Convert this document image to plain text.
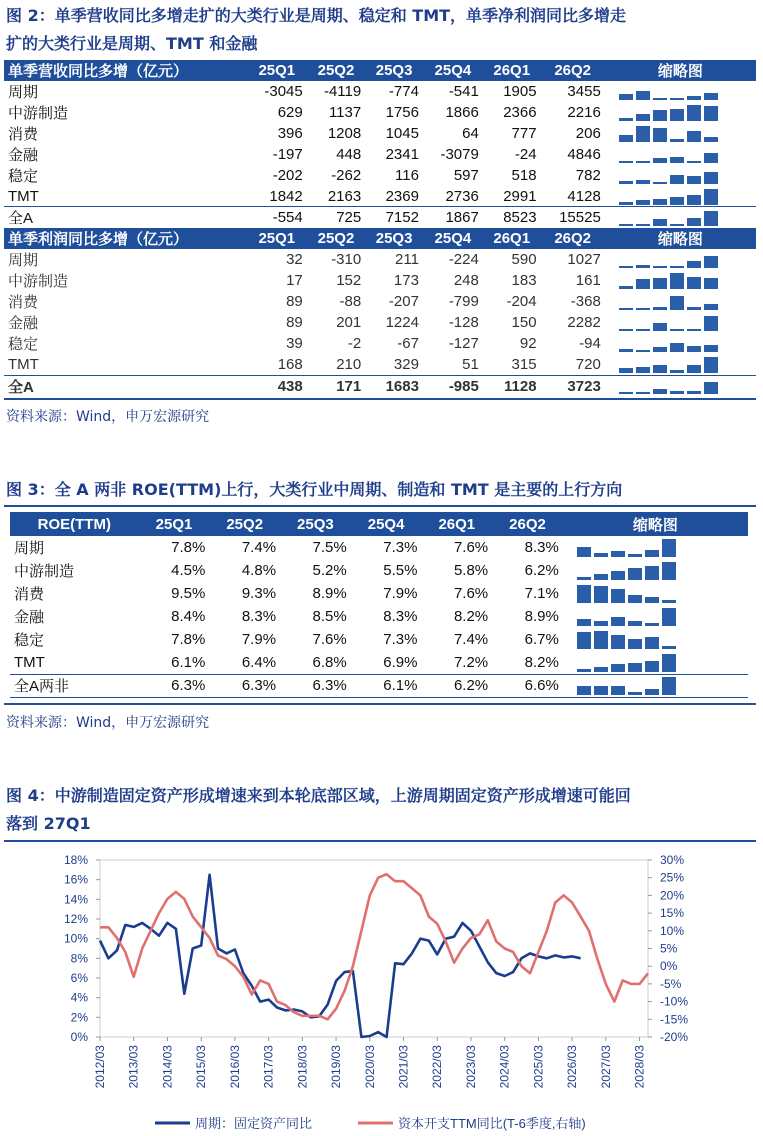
图 2：单季营收同比多增走扩的大类行业是周期、稳定和 TMT，单季净利润同比多增走
扩的大类行业是周期、TMT 和金融
单季营收同比多增（亿元）	25Q1	25Q2	25Q3	25Q4	26Q1	26Q2	缩略图
周期	-3045	-4119	-774	-541	1905	3455	

中游制造	629	1137	1756	1866	2366	2216	

消费	396	1208	1045	64	777	206	

金融	-197	448	2341	-3079	-24	4846	

稳定	-202	-262	116	597	518	782	

TMT	1842	2163	2369	2736	2991	4128	

全A	-554	725	7152	1867	8523	15525	

单季利润同比多增（亿元）	25Q1	25Q2	25Q3	25Q4	26Q1	26Q2	缩略图
周期	32	-310	211	-224	590	1027	

中游制造	17	152	173	248	183	161	

消费	89	-88	-207	-799	-204	-368	

金融	89	201	1224	-128	150	2282	

稳定	39	-2	-67	-127	92	-94	

TMT	168	210	329	51	315	720	

全A	438	171	1683	-985	1128	3723	
资料来源：Wind，申万宏源研究
图 3：全 A 两非 ROE(TTM)上行，大类行业中周期、制造和 TMT 是主要的上行方向
ROE(TTM)	25Q1	25Q2	25Q3	25Q4	26Q1	26Q2	缩略图
周期	7.8%	7.4%	7.5%	7.3%	7.6%	8.3%	

中游制造	4.5%	4.8%	5.2%	5.5%	5.8%	6.2%	

消费	9.5%	9.3%	8.9%	7.9%	7.6%	7.1%	

金融	8.4%	8.3%	8.5%	8.3%	8.2%	8.9%	

稳定	7.8%	7.9%	7.6%	7.3%	7.4%	6.7%	

TMT	6.1%	6.4%	6.8%	6.9%	7.2%	8.2%	

全A两非	6.3%	6.3%	6.3%	6.1%	6.2%	6.6%	
资料来源：Wind，申万宏源研究
图 4：中游制造固定资产形成增速来到本轮底部区域，上游周期固定资产形成增速可能回
落到 27Q1
18%
16%
14%
12%
10%
8%
6%
4%
2%
0%
30%
25%
20%
15%
10%
5%
0%
-5%
-10%
-15%
-20%
2012/03 2013/03 2014/03 2015/03 2016/03 2017/03 2018/03 2019/03 2020/03 2021/03 2022/03 2023/03 2024/03 2025/03 2026/03 2027/03 2028/03
周期：固定资产同比	资本开支TTM同比(T-6季度,右轴)
